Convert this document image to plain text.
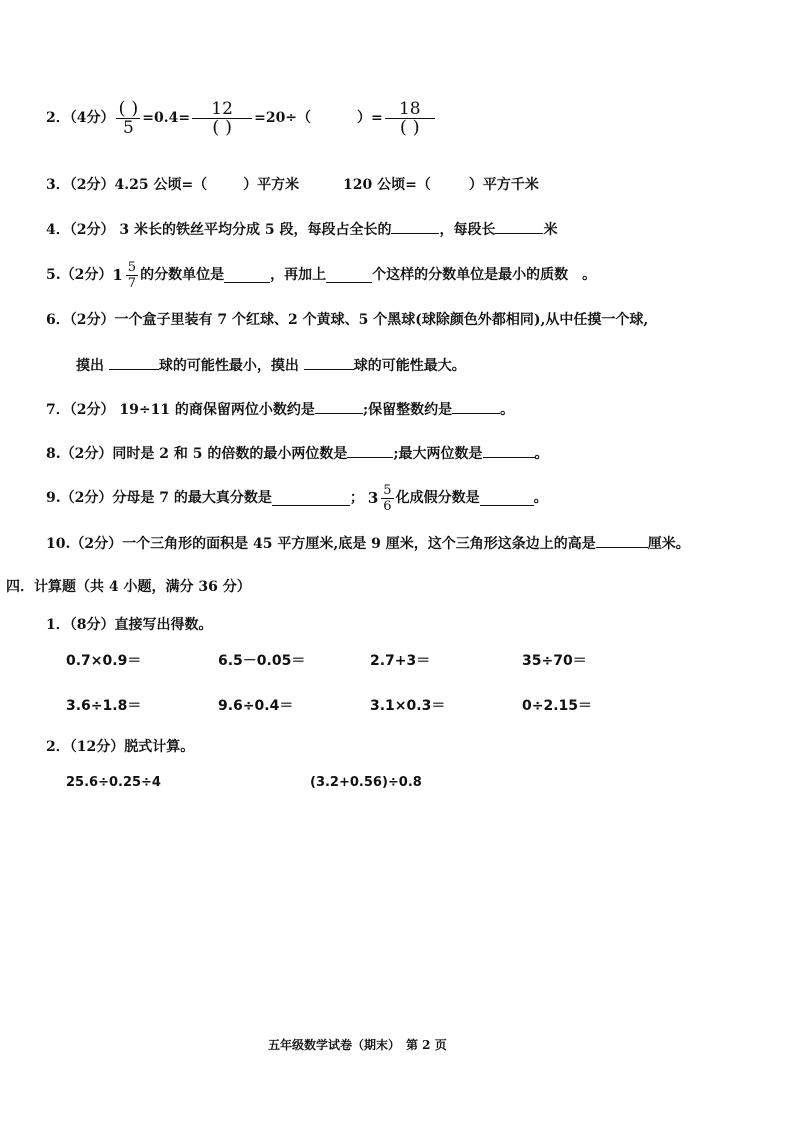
2．（4分） $\frac{( )}{5} =0.4= \frac{12}{( )} =20\div$（	）= $\frac{18}{( )}$
3．（2分）4.25 公顷=（	）平方米	120 公顷=（	）平方千米
4．（2分） 3 米长的铁丝平均分成 5 段，每段占全长的	，每段长	米
5.（2分） $1 \frac{5}{7}$ 的分数单位是	，再加上	个这样的分数单位是最小的质数　。
6．（2分）一个盒子里装有 7 个红球、2 个黄球、5 个黑球(球除颜色外都相同),从中任摸一个球,
摸出	球的可能性最小，摸出	球的可能性最大。
7．（2分） 19÷11 的商保留两位小数约是	;保留整数约是	。
8.（2分）同时是 2 和 5 的倍数的最小两位数是	;最大两位数是	。
9.（2分）分母是 7 的最大真分数是	； $3 \frac{5}{6}$ 化成假分数是	。
10.（2分）一个三角形的面积是 45 平方厘米,底是 9 厘米，这个三角形这条边上的高是	厘米。
四．计算题（共 4 小题，满分 36 分）
1．（8分）直接写出得数。
0.7×0.9＝	6.5－0.05＝	2.7+3＝	35÷70＝
3.6÷1.8＝	9.6÷0.4＝	3.1×0.3＝	0÷2.15＝
2．（12分）脱式计算。
25.6÷0.25÷4	(3.2+0.56)÷0.8
五年级数学试卷（期末）　第 2 页
